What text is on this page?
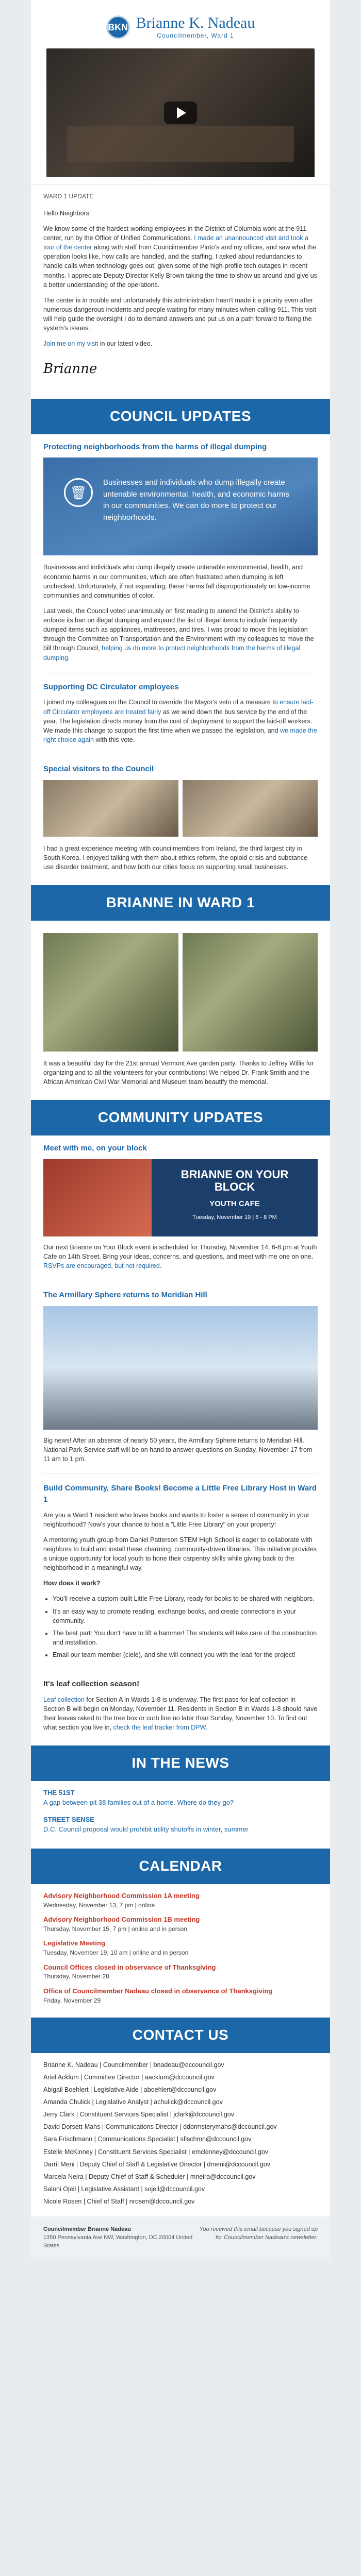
BKN Brianne K. Nadeau
Councilmember, Ward 1
WARD 1 UPDATE

Hello Neighbors:

We know some of the hardest-working employees in the District of Columbia work at the 911 center, run by the Office of Unified Communications. I made an unannounced visit and took a tour of the center along with staff from Councilmember Pinto's and my offices, and saw what the operation looks like, how calls are handled, and the staffing. I asked about redundancies to handle calls when technology goes out, given some of the high-profile tech outages in recent months. I appreciate Deputy Director Kelly Brown taking the time to show us around and give us a better understanding of the operations.

The center is in trouble and unfortunately this administration hasn't made it a priority even after numerous dangerous incidents and people waiting for many minutes when calling 911. This visit will help guide the oversight I do to demand answers and put us on a path forward to fixing the system's issues.

Join me on my visit in our latest video.

Brianne
COUNCIL UPDATES
Protecting neighborhoods from the harms of illegal dumping
🗑
Businesses and individuals who dump illegally create untenable environmental, health, and economic harms in our communities. We can do more to protect our neighborhoods.

Businesses and individuals who dump illegally create untenable environmental, health, and economic harms in our communities, which are often frustrated when dumping is left unchecked. Unfortunately, if not expanding, these harms fall disproportionately on low-income communities and communities of color.

Last week, the Council voted unanimously on first reading to amend the District's ability to enforce its ban on illegal dumping and expand the list of illegal items to include frequently dumped items such as appliances, mattresses, and tires. I was proud to move this legislation through the Committee on Transportation and the Environment with my colleagues to move the bill through Council, helping us do more to protect neighborhoods from the harms of illegal dumping.

Supporting DC Circulator employees

I joined my colleagues on the Council to override the Mayor's veto of a measure to ensure laid-off Circulator employees are treated fairly as we wind down the bus service by the end of the year. The legislation directs money from the cost of deployment to support the laid-off workers. We made this change to support the first time when we passed the legislation, and we made the right choice again with this vote.

Special visitors to the Council

I had a great experience meeting with councilmembers from Ireland, the third largest city in South Korea. I enjoyed talking with them about ethics reform, the opioid crisis and substance use disorder treatment, and how both our cities focus on supporting small businesses.

BRIANNE IN WARD 1

It was a beautiful day for the 21st annual Vermont Ave garden party. Thanks to Jeffrey Willis for organizing and to all the volunteers for your contributions! We helped Dr. Frank Smith and the African American Civil War Memorial and Museum team beautify the memorial.

COMMUNITY UPDATES
Meet with me, on your block
BRIANNE ON YOUR BLOCK
YOUTH CAFE
Tuesday, November 19 | 6 - 8 PM

Our next Brianne on Your Block event is scheduled for Thursday, November 14, 6-8 pm at Youth Cafe on 14th Street. Bring your ideas, concerns, and questions, and meet with me one on one. RSVPs are encouraged, but not required.

The Armillary Sphere returns to Meridian Hill

Big news! After an absence of nearly 50 years, the Armillary Sphere returns to Meridian Hill. National Park Service staff will be on hand to answer questions on Sunday, November 17 from 11 am to 1 pm.

Build Community, Share Books! Become a Little Free Library Host in Ward 1

Are you a Ward 1 resident who loves books and wants to foster a sense of community in your neighborhood? Now's your chance to host a "Little Free Library" on your property!

A mentoring youth group from Daniel Patterson STEM High School is eager to collaborate with neighbors to build and install these charming, community-driven libraries. This initiative provides a unique opportunity for local youth to hone their carpentry skills while giving back to the neighborhood in a meaningful way.

How does it work?

• You'll receive a custom-built Little Free Library, ready for books to be shared with neighbors.
• It's an easy way to promote reading, exchange books, and create connections in your community.
• The best part: You don't have to lift a hammer! The students will take care of the construction and installation.
• Email our team member (ciele), and she will connect you with the lead for the project!
It's leaf collection season!

Leaf collection for Section A in Wards 1-8 is underway. The first pass for leaf collection in Section B will begin on Monday, November 11. Residents in Section B in Wards 1-8 should have their leaves raked to the tree box or curb line no later than Sunday, November 10. To find out what section you live in, check the leaf tracker from DPW.

IN THE NEWS
THE 51ST
A gap between pit 38 families out of a home. Where do they go?
STREET SENSE
D.C. Council proposal would prohibit utility shutoffs in winter, summer
CALENDAR
Advisory Neighborhood Commission 1A meeting
Wednesday, November 13, 7 pm | online
Advisory Neighborhood Commission 1B meeting
Thursday, November 15, 7 pm | online and in person
Legislative Meeting
Tuesday, November 19, 10 am | online and in person
Council Offices closed in observance of Thanksgiving
Thursday, November 28
Office of Councilmember Nadeau closed in observance of Thanksgiving
Friday, November 29
CONTACT US

Brianne K. Nadeau | Councilmember | bnadeau@dccouncil.gov

Ariel Acklum | Committee Director | aacklum@dccouncil.gov

Abigail Boehlert | Legislative Aide | aboehlert@dccouncil.gov

Amanda Chulick | Legislative Analyst | achulick@dccouncil.gov

Jerry Clark | Constituent Services Specialist | jclark@dccouncil.gov

David Dorsett-Mahs | Communications Director | ddormsterymahs@dccouncil.gov

Sara Frischmann | Communications Specialist | sfischmn@dccouncil.gov

Estelle McKinney | Constituent Services Specialist | emckinney@dccouncil.gov

Darril Meni | Deputy Chief of Staff & Legislative Director | dmeni@dccouncil.gov

Marcela Neira | Deputy Chief of Staff & Scheduler | mneira@dccouncil.gov

Saloni Ojeil | Legislative Assistant | sojeil@dccouncil.gov

Nicole Rosen | Chief of Staff | nrosen@dccouncil.gov

Councilmember Brianne Nadeau
1350 Pennsylvania Ave NW, Washington, DC 20004 United States
You received this email because you signed up for Councilmember Nadeau's newsletter.
